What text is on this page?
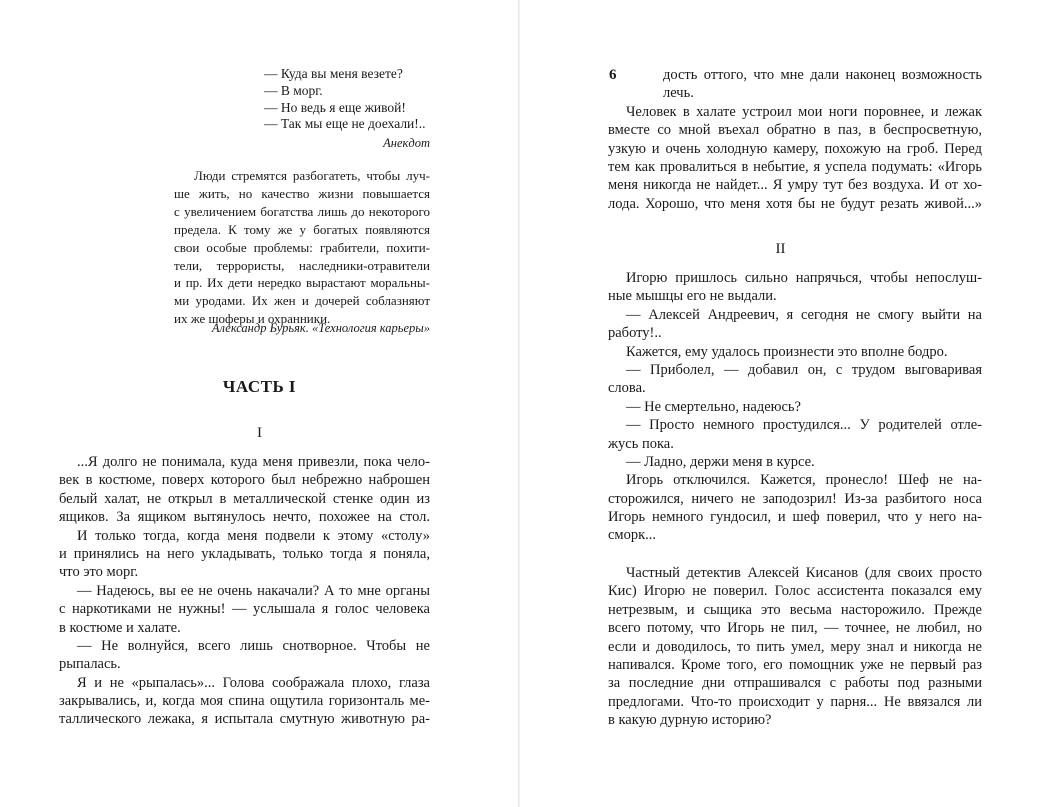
— Куда вы меня везете?
— В морг.
— Но ведь я еще живой!
— Так мы еще не доехали!..
Анекдот
Люди стремятся разбогатеть, чтобы луч-
ше жить, но качество жизни повышается
с увеличением богатства лишь до некоторого
предела. К тому же у богатых появляются
свои особые проблемы: грабители, похити-
тели, террористы, наследники-отравители
и пр. Их дети нередко вырастают моральны-
ми уродами. Их жен и дочерей соблазняют
их же шоферы и охранники.
Александр Бурьяк. «Технология карьеры»
ЧАСТЬ I
I
...Я долго не понимала, куда меня привезли, пока чело-
век в костюме, поверх которого был небрежно наброшен
белый халат, не открыл в металлической стенке один из
ящиков. За ящиком вытянулось нечто, похожее на стол.
И только тогда, когда меня подвели к этому «столу»
и принялись на него укладывать, только тогда я поняла,
что это морг.
— Надеюсь, вы ее не очень накачали? А то мне органы
с наркотиками не нужны! — услышала я голос человека
в костюме и халате.
— Не волнуйся, всего лишь снотворное. Чтобы не
рыпалась.
Я и не «рыпалась»... Голова соображала плохо, глаза
закрывались, и, когда моя спина ощутила горизонталь ме-
таллического лежака, я испытала смутную животную ра-
6	дость оттого, что мне дали наконец возможность
лечь.
Человек в халате устроил мои ноги поровнее, и лежак
вместе со мной въехал обратно в паз, в беспросветную,
узкую и очень холодную камеру, похожую на гроб. Перед
тем как провалиться в небытие, я успела подумать: «Игорь
меня никогда не найдет... Я умру тут без воздуха. И от хо-
лода. Хорошо, что меня хотя бы не будут резать живой...»
II
Игорю пришлось сильно напрячься, чтобы непослуш-
ные мышцы его не выдали.
— Алексей Андреевич, я сегодня не смогу выйти на
работу!..
Кажется, ему удалось произнести это вполне бодро.
— Приболел, — добавил он, с трудом выговаривая
слова.
— Не смертельно, надеюсь?
— Просто немного простудился... У родителей отле-
жусь пока.
— Ладно, держи меня в курсе.
Игорь отключился. Кажется, пронесло! Шеф не на-
сторожился, ничего не заподозрил! Из-за разбитого носа
Игорь немного гундосил, и шеф поверил, что у него на-
сморк...
Частный детектив Алексей Кисанов (для своих просто
Кис) Игорю не поверил. Голос ассистента показался ему
нетрезвым, и сыщика это весьма насторожило. Прежде
всего потому, что Игорь не пил, — точнее, не любил, но
если и доводилось, то пить умел, меру знал и никогда не
напивался. Кроме того, его помощник уже не первый раз
за последние дни отпрашивался с работы под разными
предлогами. Что-то происходит у парня... Не ввязался ли
в какую дурную историю?
